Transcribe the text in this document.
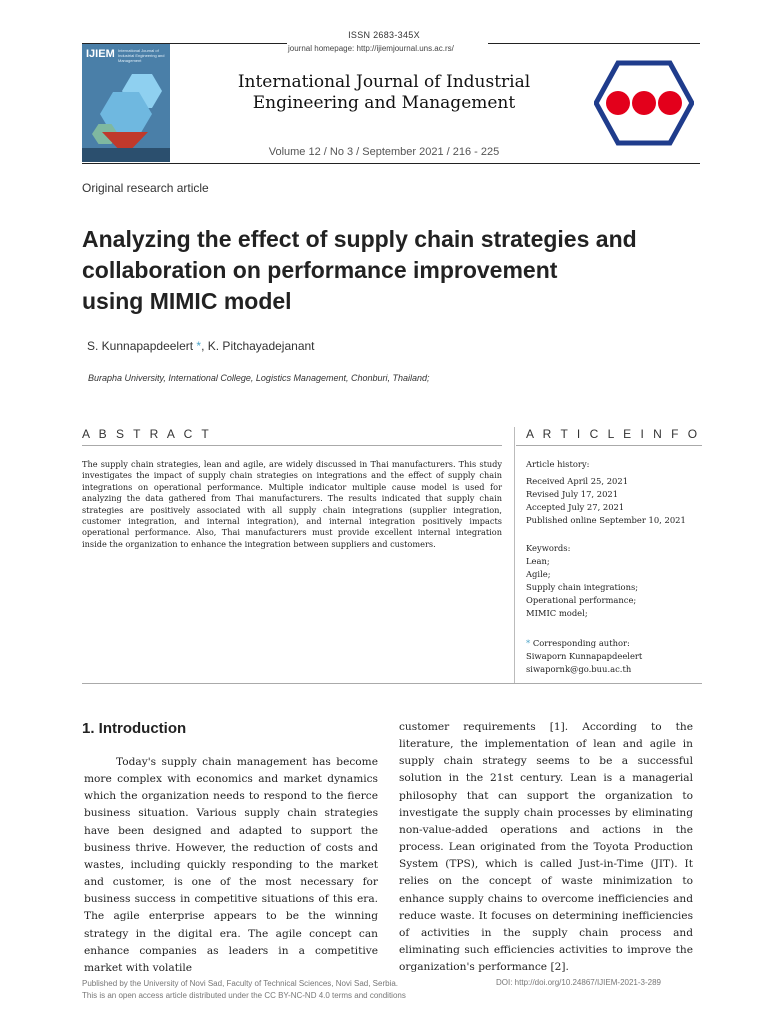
ISSN 2683-345X
journal homepage: http://ijiemjournal.uns.ac.rs/
IJIEM International Journal of Industrial Engineering and Management
International Journal of Industrial
Engineering and Management
Volume 12 / No 3 / September 2021 / 216 - 225
Original research article
Analyzing the effect of supply chain strategies and
collaboration on performance improvement
using MIMIC model
S. Kunnapapdeelert *, K. Pitchayadejanant
Burapha University, International College, Logistics Management, Chonburi, Thailand;
A B S T R A C T	A R T I C L E I N F O
The supply chain strategies, lean and agile, are widely discussed in Thai manufacturers. This study investigates the impact of supply chain strategies on integrations and the effect of supply chain integrations on operational performance. Multiple indicator multiple cause model is used for analyzing the data gathered from Thai manufacturers. The results indicated that supply chain strategies are positively associated with all supply chain integrations (supplier integration, customer integration, and internal integration), and internal integration positively impacts operational performance. Also, Thai manufacturers must provide excellent internal integration inside the organization to enhance the integration between suppliers and customers.
Article history:
Received April 25, 2021
Revised July 17, 2021
Accepted July 27, 2021
Published online September 10, 2021
Keywords:
Lean;
Agile;
Supply chain integrations;
Operational performance;
MIMIC model;
* Corresponding author:
Siwaporn Kunnapapdeelert
siwapornk@go.buu.ac.th
1. Introduction
Today's supply chain management has become more complex with economics and market dynamics which the organization needs to respond to the fierce business situation. Various supply chain strategies have been designed and adapted to support the business thrive. However, the reduction of costs and wastes, including quickly responding to the market and customer, is one of the most necessary for business success in competitive situations of this era. The agile enterprise appears to be the winning strategy in the digital era. The agile concept can enhance companies as leaders in a competitive market with volatile
customer requirements [1]. According to the literature, the implementation of lean and agile in supply chain strategy seems to be a successful solution in the 21st century. Lean is a managerial philosophy that can support the organization to investigate the supply chain processes by eliminating non-value-added operations and actions in the process. Lean originated from the Toyota Production System (TPS), which is called Just-in-Time (JIT). It relies on the concept of waste minimization to enhance supply chains to overcome inefficiencies and reduce waste. It focuses on determining inefficiencies of activities in the supply chain process and eliminating such efficiencies activities to improve the organization's performance [2].
Published by the University of Novi Sad, Faculty of Technical Sciences, Novi Sad, Serbia.
This is an open access article distributed under the CC BY-NC-ND 4.0 terms and conditions
DOI: http://doi.org/10.24867/IJIEM-2021-3-289
